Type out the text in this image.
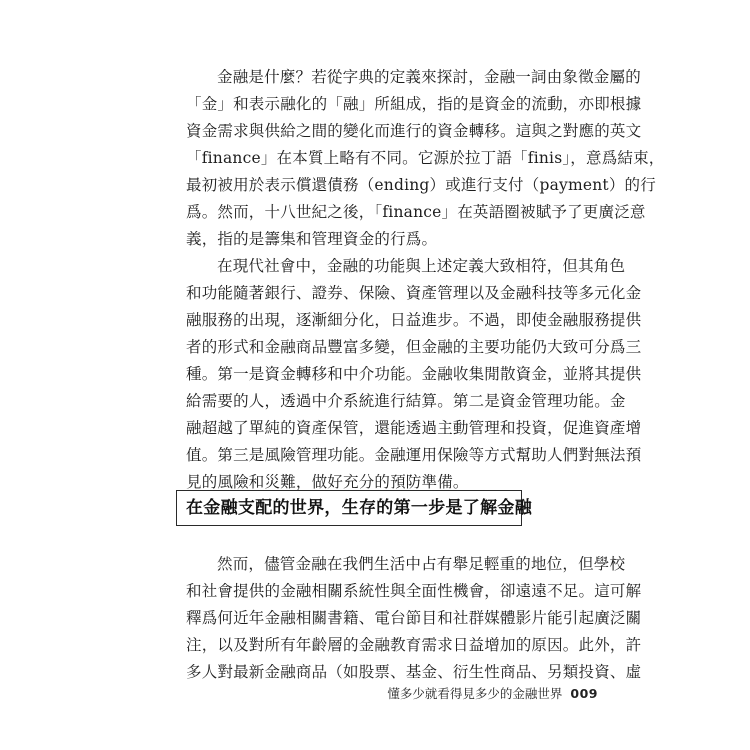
金融是什麼？若從字典的定義來探討，金融一詞由象徵金屬的
「金」和表示融化的「融」所組成，指的是資金的流動，亦即根據
資金需求與供給之間的變化而進行的資金轉移。這與之對應的英文
「finance」在本質上略有不同。它源於拉丁語「finis」，意爲結束，
最初被用於表示償還債務（ending）或進行支付（payment）的行
爲。然而，十八世紀之後，「finance」在英語圈被賦予了更廣泛意
義，指的是籌集和管理資金的行爲。

在現代社會中，金融的功能與上述定義大致相符，但其角色
和功能隨著銀行、證券、保險、資產管理以及金融科技等多元化金
融服務的出現，逐漸細分化，日益進步。不過，即使金融服務提供
者的形式和金融商品豐富多變，但金融的主要功能仍大致可分爲三
種。第一是資金轉移和中介功能。金融收集閒散資金，並將其提供
給需要的人，透過中介系統進行結算。第二是資金管理功能。金
融超越了單純的資產保管，還能透過主動管理和投資，促進資產增
值。第三是風險管理功能。金融運用保險等方式幫助人們對無法預
見的風險和災難，做好充分的預防準備。

在金融支配的世界，生存的第一步是了解金融

然而，儘管金融在我們生活中占有舉足輕重的地位，但學校
和社會提供的金融相關系統性與全面性機會，卻遠遠不足。這可解
釋爲何近年金融相關書籍、電台節目和社群媒體影片能引起廣泛關
注，以及對所有年齡層的金融教育需求日益增加的原因。此外，許
多人對最新金融商品（如股票、基金、衍生性商品、另類投資、虛

懂多少就看得見多少的金融世界 009
